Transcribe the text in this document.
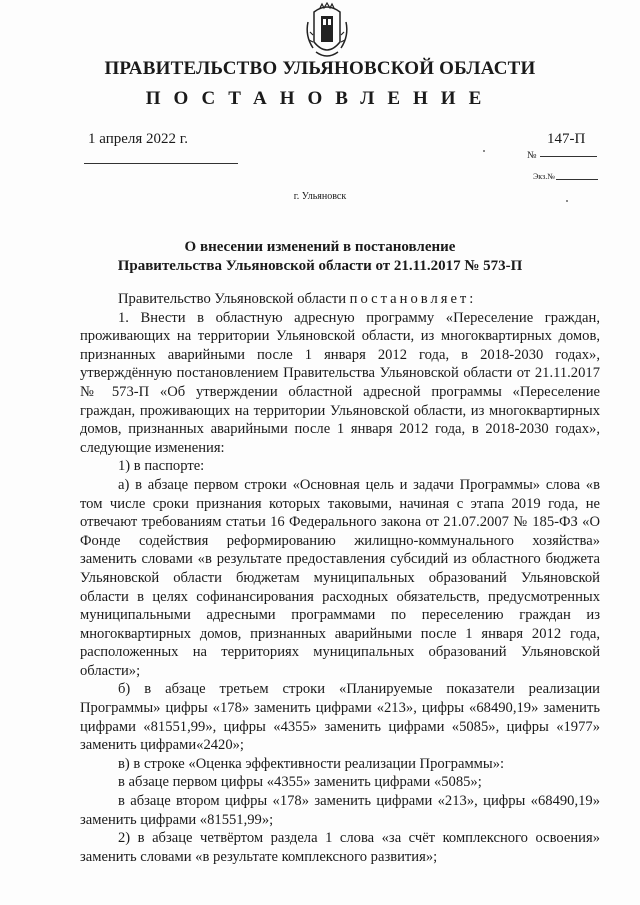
ПРАВИТЕЛЬСТВО УЛЬЯНОВСКОЙ ОБЛАСТИ
ПОСТАНОВЛЕНИЕ
1 апреля 2022 г.	147-П
№
Экз.№
г. Ульяновск
О внесении изменений в постановление
Правительства Ульяновской области от 21.11.2017 № 573-П
Правительство Ульяновской области постановляет:
1. Внести в областную адресную программу «Переселение граждан, проживающих на территории Ульяновской области, из многоквартирных домов, признанных аварийными после 1 января 2012 года, в 2018-2030 годах», утверждённую постановлением Правительства Ульяновской области от 21.11.2017 № 573-П «Об утверждении областной адресной программы «Переселение граждан, проживающих на территории Ульяновской области, из многоквартирных домов, признанных аварийными после 1 января 2012 года, в 2018-2030 годах», следующие изменения:
1) в паспорте:
а) в абзаце первом строки «Основная цель и задачи Программы» слова «в том числе сроки признания которых таковыми, начиная с этапа 2019 года, не отвечают требованиям статьи 16 Федерального закона от 21.07.2007 № 185-ФЗ «О Фонде содействия реформированию жилищно-коммунального хозяйства» заменить словами «в результате предоставления субсидий из областного бюджета Ульяновской области бюджетам муниципальных образований Ульяновской области в целях софинансирования расходных обязательств, предусмотренных муниципальными адресными программами по переселению граждан из многоквартирных домов, признанных аварийными после 1 января 2012 года, расположенных на территориях муниципальных образований Ульяновской области»;
б) в абзаце третьем строки «Планируемые показатели реализации Программы» цифры «178» заменить цифрами «213», цифры «68490,19» заменить цифрами «81551,99», цифры «4355» заменить цифрами «5085», цифры «1977» заменить цифрами«2420»;
в) в строке «Оценка эффективности реализации Программы»:
в абзаце первом цифры «4355» заменить цифрами «5085»;
в абзаце втором цифры «178» заменить цифрами «213», цифры «68490,19» заменить цифрами «81551,99»;
2) в абзаце четвёртом раздела 1 слова «за счёт комплексного освоения» заменить словами «в результате комплексного развития»;
